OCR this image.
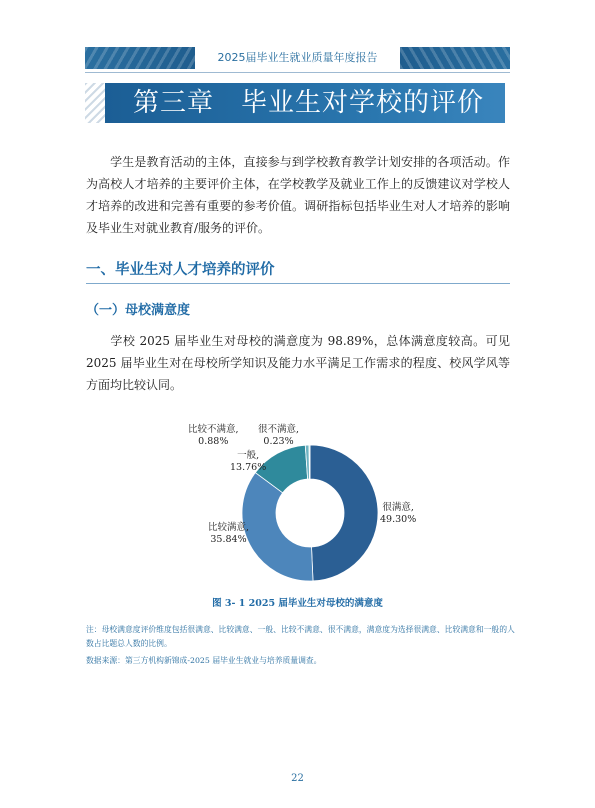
2025届毕业生就业质量年度报告
第三章　毕业生对学校的评价
学生是教育活动的主体，直接参与到学校教育教学计划安排的各项活动。作为高校人才培养的主要评价主体，在学校教学及就业工作上的反馈建议对学校人才培养的改进和完善有重要的参考价值。调研指标包括毕业生对人才培养的影响及毕业生对就业教育/服务的评价。
一、毕业生对人才培养的评价
（一）母校满意度
学校 2025 届毕业生对母校的满意度为 98.89%，总体满意度较高。可见 2025 届毕业生对在母校所学知识及能力水平满足工作需求的程度、校风学风等方面均比较认同。
比较不满意,
0.88%
很不满意,
0.23%
一般,
13.76%
比较满意,
35.84%
很满意,
49.30%
图 3- 1 2025 届毕业生对母校的满意度
注：母校满意度评价维度包括很满意、比较满意、一般、比较不满意、很不满意，满意度为选择很满意、比较满意和一般的人数占比题总人数的比例。
数据来源：第三方机构新锦成-2025 届毕业生就业与培养质量调查。
22
